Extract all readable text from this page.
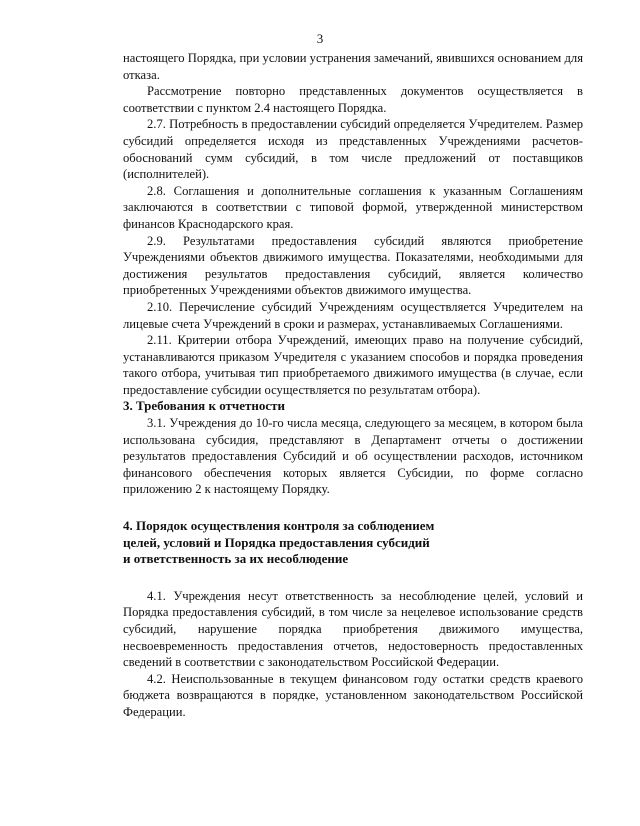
3

настоящего Порядка, при условии устранения замечаний, явившихся основанием для отказа.

Рассмотрение повторно представленных документов осуществляется в соответствии с пунктом 2.4 настоящего Порядка.

2.7. Потребность в предоставлении субсидий определяется Учредителем. Размер субсидий определяется исходя из представленных Учреждениями расчетов-обоснований сумм субсидий, в том числе предложений от поставщиков (исполнителей).

2.8. Соглашения и дополнительные соглашения к указанным Соглашениям заключаются в соответствии с типовой формой, утвержденной министерством финансов Краснодарского края.

2.9. Результатами предоставления субсидий являются приобретение Учреждениями объектов движимого имущества. Показателями, необходимыми для достижения результатов предоставления субсидий, является количество приобретенных Учреждениями объектов движимого имущества.

2.10. Перечисление субсидий Учреждениям осуществляется Учредителем на лицевые счета Учреждений в сроки и размерах, устанавливаемых Соглашениями.

2.11. Критерии отбора Учреждений, имеющих право на получение субсидий, устанавливаются приказом Учредителя с указанием способов и порядка проведения такого отбора, учитывая тип приобретаемого движимого имущества (в случае, если предоставление субсидии осуществляется по результатам отбора).

3. Требования к отчетности

3.1. Учреждения до 10-го числа месяца, следующего за месяцем, в котором была использована субсидия, представляют в Департамент отчеты о достижении результатов предоставления Субсидий и об осуществлении расходов, источником финансового обеспечения которых является Субсидии, по форме согласно приложению 2 к настоящему Порядку.

4. Порядок осуществления контроля за соблюдением

целей, условий и Порядка предоставления субсидий

и ответственность за их несоблюдение

4.1. Учреждения несут ответственность за несоблюдение целей, условий и Порядка предоставления субсидий, в том числе за нецелевое использование средств субсидий, нарушение порядка приобретения движимого имущества, несвоевременность предоставления отчетов, недостоверность предоставленных сведений в соответствии с законодательством Российской Федерации.

4.2. Неиспользованные в текущем финансовом году остатки средств краевого бюджета возвращаются в порядке, установленном законодательством Российской Федерации.
